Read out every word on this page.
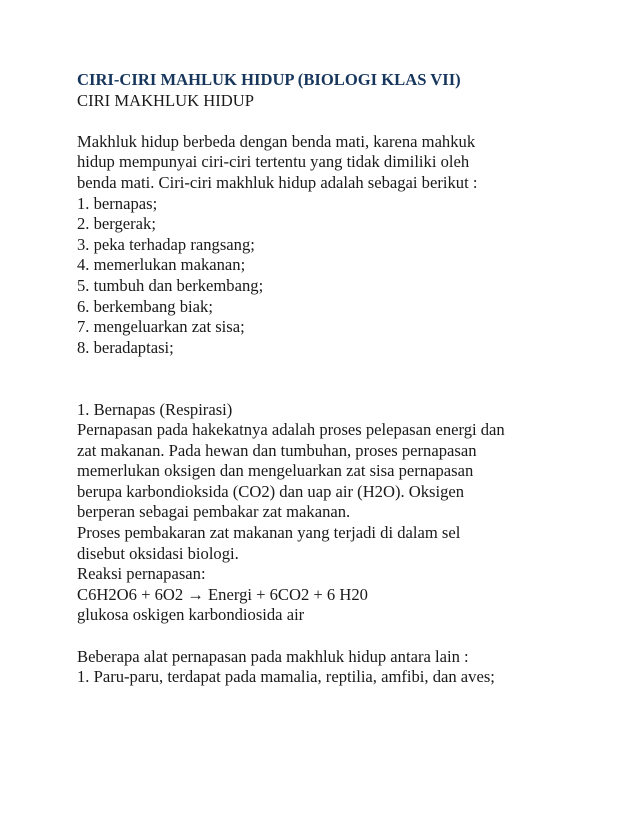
CIRI-CIRI MAHLUK HIDUP (BIOLOGI KLAS VII)

CIRI MAKHLUK HIDUP

Makhluk hidup berbeda dengan benda mati, karena mahkuk
hidup mempunyai ciri-ciri tertentu yang tidak dimiliki oleh
benda mati. Ciri-ciri makhluk hidup adalah sebagai berikut :
1. bernapas;
2. bergerak;
3. peka terhadap rangsang;
4. memerlukan makanan;
5. tumbuh dan berkembang;
6. berkembang biak;
7. mengeluarkan zat sisa;
8. beradaptasi;
1. Bernapas (Respirasi)
Pernapasan pada hakekatnya adalah proses pelepasan energi dan
zat makanan. Pada hewan dan tumbuhan, proses pernapasan
memerlukan oksigen dan mengeluarkan zat sisa pernapasan
berupa karbondioksida (CO2) dan uap air (H2O). Oksigen
berperan sebagai pembakar zat makanan.
Proses pembakaran zat makanan yang terjadi di dalam sel
disebut oksidasi biologi.
Reaksi pernapasan:
C6H2O6 + 6O2 → Energi + 6CO2 + 6 H20
glukosa oskigen karbondiosida air
Beberapa alat pernapasan pada makhluk hidup antara lain :
1. Paru-paru, terdapat pada mamalia, reptilia, amfibi, dan aves;
